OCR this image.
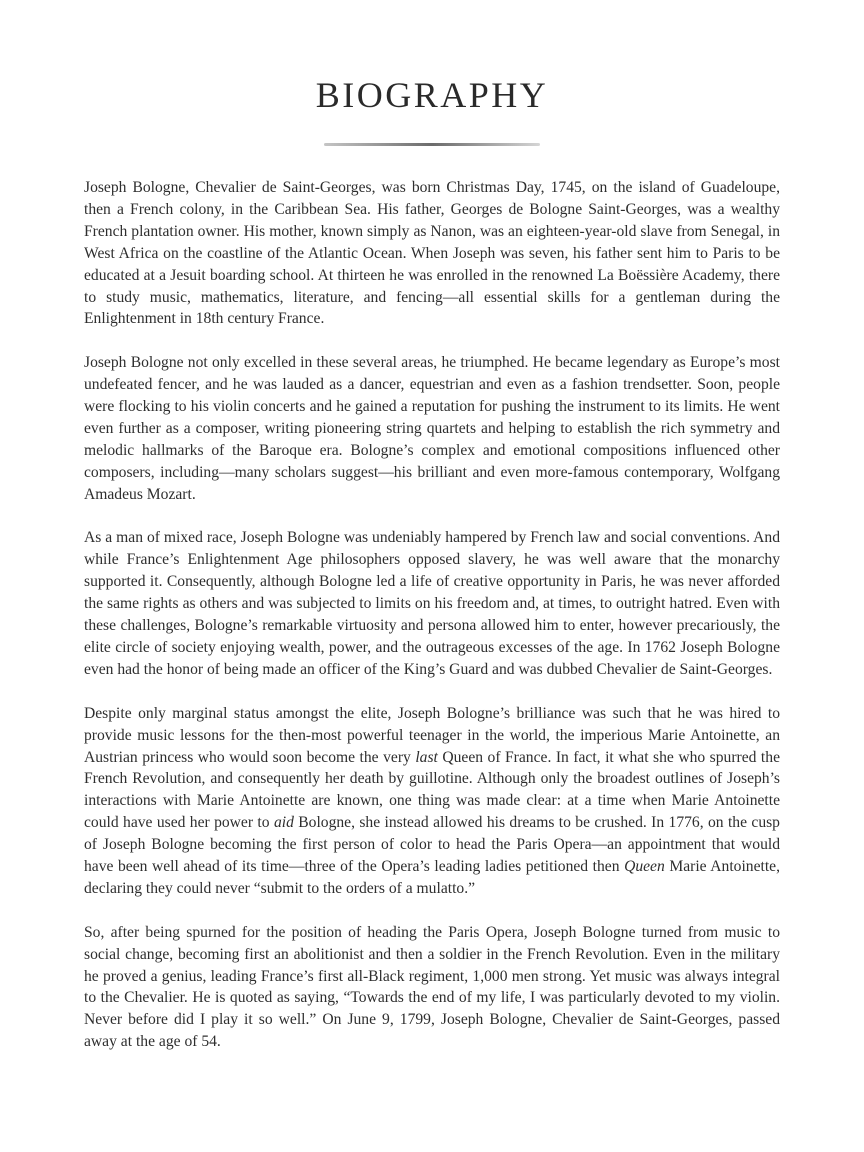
BIOGRAPHY

Joseph Bologne, Chevalier de Saint-Georges, was born Christmas Day, 1745, on the island of Guadeloupe, then a French colony, in the Caribbean Sea. His father, Georges de Bologne Saint-Georges, was a wealthy French plantation owner. His mother, known simply as Nanon, was an eighteen-year-old slave from Senegal, in West Africa on the coastline of the Atlantic Ocean. When Joseph was seven, his father sent him to Paris to be educated at a Jesuit boarding school. At thirteen he was enrolled in the renowned La Boëssière Academy, there to study music, mathematics, literature, and fencing—all essential skills for a gentleman during the Enlightenment in 18th century France.

Joseph Bologne not only excelled in these several areas, he triumphed. He became legendary as Europe’s most undefeated fencer, and he was lauded as a dancer, equestrian and even as a fashion trendsetter. Soon, people were flocking to his violin concerts and he gained a reputation for pushing the instrument to its limits. He went even further as a composer, writing pioneering string quartets and helping to establish the rich symmetry and melodic hallmarks of the Baroque era. Bologne’s complex and emotional compositions influenced other composers, including—many scholars suggest—his brilliant and even more-famous contemporary, Wolfgang Amadeus Mozart.

As a man of mixed race, Joseph Bologne was undeniably hampered by French law and social conventions. And while France’s Enlightenment Age philosophers opposed slavery, he was well aware that the monarchy supported it. Consequently, although Bologne led a life of creative opportunity in Paris, he was never afforded the same rights as others and was subjected to limits on his freedom and, at times, to outright hatred. Even with these challenges, Bologne’s remarkable virtuosity and persona allowed him to enter, however precariously, the elite circle of society enjoying wealth, power, and the outrageous excesses of the age. In 1762 Joseph Bologne even had the honor of being made an officer of the King’s Guard and was dubbed Chevalier de Saint-Georges.

Despite only marginal status amongst the elite, Joseph Bologne’s brilliance was such that he was hired to provide music lessons for the then-most powerful teenager in the world, the imperious Marie Antoinette, an Austrian princess who would soon become the very last Queen of France. In fact, it what she who spurred the French Revolution, and consequently her death by guillotine. Although only the broadest outlines of Joseph’s interactions with Marie Antoinette are known, one thing was made clear: at a time when Marie Antoinette could have used her power to aid Bologne, she instead allowed his dreams to be crushed. In 1776, on the cusp of Joseph Bologne becoming the first person of color to head the Paris Opera—an appointment that would have been well ahead of its time—three of the Opera’s leading ladies petitioned then Queen Marie Antoinette, declaring they could never “submit to the orders of a mulatto.”

So, after being spurned for the position of heading the Paris Opera, Joseph Bologne turned from music to social change, becoming first an abolitionist and then a soldier in the French Revolution. Even in the military he proved a genius, leading France’s first all-Black regiment, 1,000 men strong. Yet music was always integral to the Chevalier. He is quoted as saying, “Towards the end of my life, I was particularly devoted to my violin. Never before did I play it so well.” On June 9, 1799, Joseph Bologne, Chevalier de Saint-Georges, passed away at the age of 54.
